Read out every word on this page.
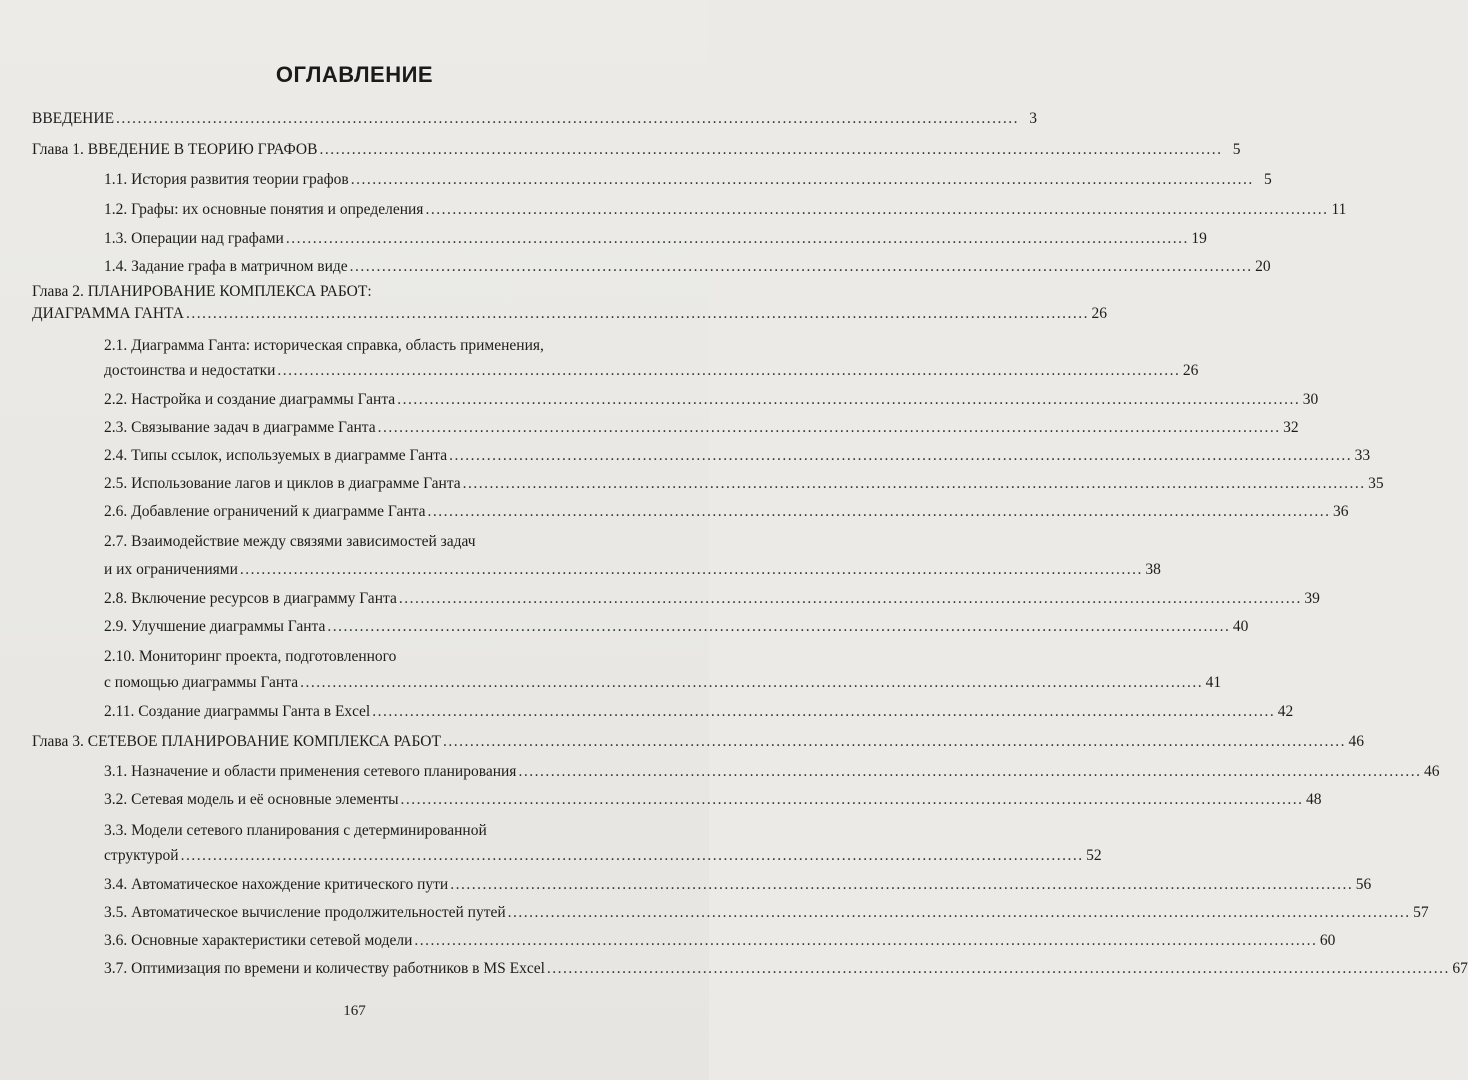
ОГЛАВЛЕНИЕ
ВВЕДЕНИЕ ........................................................................................................................................................................ 3
Глава 1. ВВЕДЕНИЕ В ТЕОРИЮ ГРАФОВ ........................................................................................................................................................................ 5
1.1. История развития теории графов ........................................................................................................................................................................ 5
1.2. Графы: их основные понятия и определения ........................................................................................................................................................................ 11
1.3. Операции над графами ........................................................................................................................................................................ 19
1.4. Задание графа в матричном виде ........................................................................................................................................................................ 20
Глава 2. ПЛАНИРОВАНИЕ КОМПЛЕКСА РАБОТ:
ДИАГРАММА ГАНТА ........................................................................................................................................................................ 26
2.1. Диаграмма Ганта: историческая справка, область применения,
достоинства и недостатки ........................................................................................................................................................................ 26
2.2. Настройка и создание диаграммы Ганта ........................................................................................................................................................................ 30
2.3. Связывание задач в диаграмме Ганта ........................................................................................................................................................................ 32
2.4. Типы ссылок, используемых в диаграмме Ганта ........................................................................................................................................................................ 33
2.5. Использование лагов и циклов в диаграмме Ганта ........................................................................................................................................................................ 35
2.6. Добавление ограничений к диаграмме Ганта ........................................................................................................................................................................ 36
2.7. Взаимодействие между связями зависимостей задач
и их ограничениями ........................................................................................................................................................................ 38
2.8. Включение ресурсов в диаграмму Ганта ........................................................................................................................................................................ 39
2.9. Улучшение диаграммы Ганта ........................................................................................................................................................................ 40
2.10. Мониторинг проекта, подготовленного
с помощью диаграммы Ганта ........................................................................................................................................................................ 41
2.11. Создание диаграммы Ганта в Excel ........................................................................................................................................................................ 42
Глава 3. СЕТЕВОЕ ПЛАНИРОВАНИЕ КОМПЛЕКСА РАБОТ ........................................................................................................................................................................ 46
3.1. Назначение и области применения сетевого планирования ........................................................................................................................................................................ 46
3.2. Сетевая модель и её основные элементы ........................................................................................................................................................................ 48
3.3. Модели сетевого планирования с детерминированной
структурой ........................................................................................................................................................................ 52
3.4. Автоматическое нахождение критического пути ........................................................................................................................................................................ 56
3.5. Автоматическое вычисление продолжительностей путей ........................................................................................................................................................................ 57
3.6. Основные характеристики сетевой модели ........................................................................................................................................................................ 60
3.7. Оптимизация по времени и количеству работников в MS Excel ........................................................................................................................................................................ 67
167
